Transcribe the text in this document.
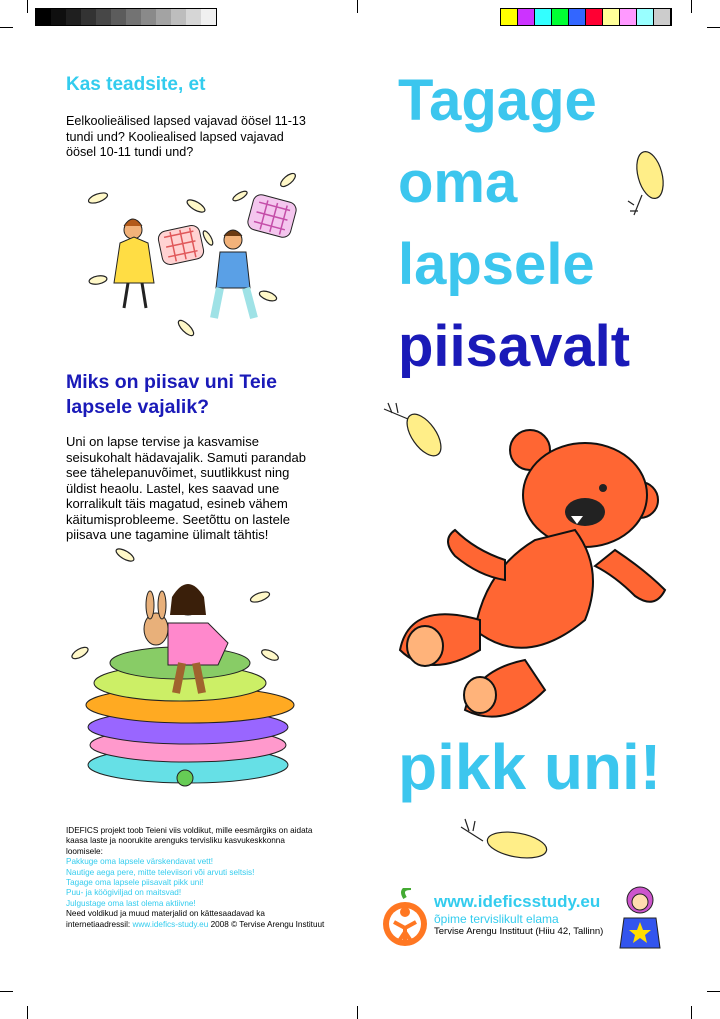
Kas teadsite, et
Eelkoolieälised lapsed vajavad öösel 11-13
tundi und? Kooliealised lapsed vajavad
öösel 10-11 tundi und?
Miks on piisav uni Teie
lapsele vajalik?
Uni on lapse tervise ja kasvamise
seisukohalt hädavajalik. Samuti parandab
see tähelepanuvõimet, suutlikkust ning
üldist heaolu. Lastel, kes saavad une
korralikult täis magatud, esineb vähem
käitumisprobleeme. Seetõttu on lastele
piisava une tagamine ülimalt tähtis!
IDEFICS projekt toob Teieni viis voldikut, mille eesmärgiks on aidata
kaasa laste ja noorukite arenguks tervisliku kasvukeskkonna
loomisele:
Pakkuge oma lapsele värskendavat vett!
Nautige aega pere, mitte televiisori või arvuti seltsis!
Tagage oma lapsele piisavalt pikk uni!
Puu- ja köögiviljad on maitsvad!
Julgustage oma last olema aktiivne!
Need voldikud ja muud materjalid on kättesaadavad ka
internetiaadressil: www.idefics-study.eu 2008 © Tervise Arengu Instituut
Tagage
oma
lapsele
piisavalt
pikk uni!
www.ideficsstudy.eu
õpime tervislikult elama
Tervise Arengu Instituut (Hiiu 42, Tallinn)
